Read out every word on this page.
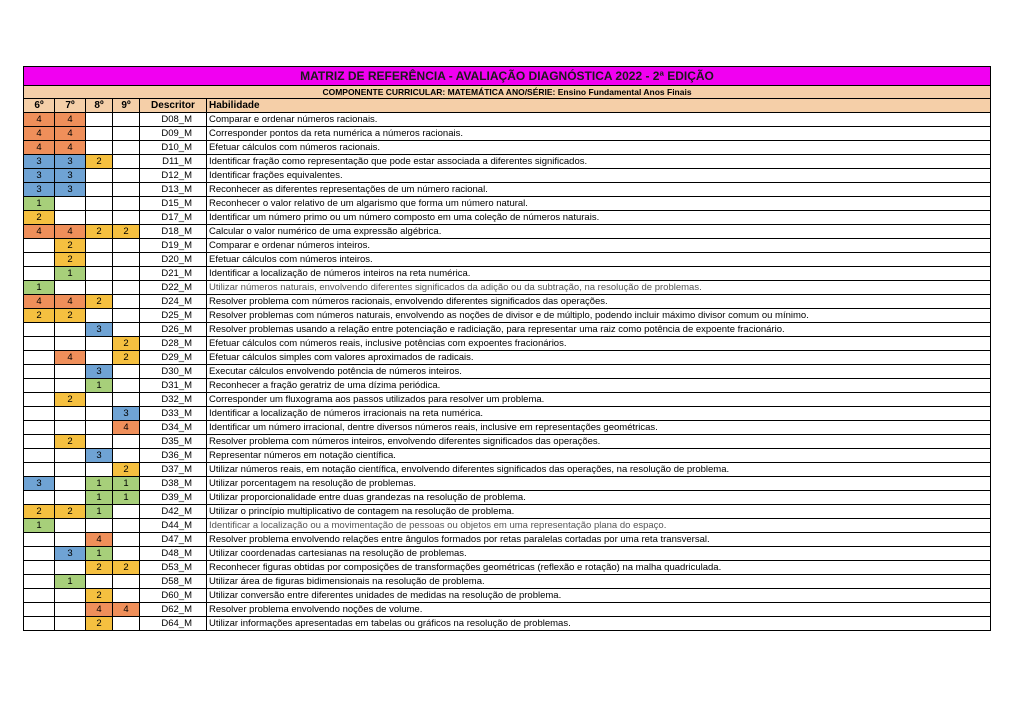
MATRIZ DE REFERÊNCIA - AVALIAÇÃO DIAGNÓSTICA 2022 - 2ª EDIÇÃO					
COMPONENTE CURRICULAR: MATEMÁTICA ANO/SÉRIE: Ensino Fundamental Anos Finais					
6º	7º	8º	9º	Descritor	Habilidade
4	4			D08_M	Comparar e ordenar números racionais.
4	4			D09_M	Corresponder pontos da reta numérica a números racionais.
4	4			D10_M	Efetuar cálculos com números racionais.
3	3	2		D11_M	Identificar fração como representação que pode estar associada a diferentes significados.
3	3			D12_M	Identificar frações equivalentes.
3	3			D13_M	Reconhecer as diferentes representações de um número racional.
1				D15_M	Reconhecer o valor relativo de um algarismo que forma um número natural.
2				D17_M	Identificar um número primo ou um número composto em uma coleção de números naturais.
4	4	2	2	D18_M	Calcular o valor numérico de uma expressão algébrica.
	2			D19_M	Comparar e ordenar números inteiros.
	2			D20_M	Efetuar cálculos com números inteiros.
	1			D21_M	Identificar a localização de números inteiros na reta numérica.
1				D22_M	Utilizar números naturais, envolvendo diferentes significados da adição ou da subtração, na resolução de problemas.
4	4	2		D24_M	Resolver problema com números racionais, envolvendo diferentes significados das operações.
2	2			D25_M	Resolver problemas com números naturais, envolvendo as noções de divisor e de múltiplo, podendo incluir máximo divisor comum ou mínimo.
		3		D26_M	Resolver problemas usando a relação entre potenciação e radiciação, para representar uma raiz como potência de expoente fracionário.
			2	D28_M	Efetuar cálculos com números reais, inclusive potências com expoentes fracionários.
	4		2	D29_M	Efetuar cálculos simples com valores aproximados de radicais.
		3		D30_M	Executar cálculos envolvendo potência de números inteiros.
		1		D31_M	Reconhecer a fração geratriz de uma dízima periódica.
	2			D32_M	Corresponder um fluxograma aos passos utilizados para resolver um problema.
			3	D33_M	Identificar a localização de números irracionais na reta numérica.
			4	D34_M	Identificar um número irracional, dentre diversos números reais, inclusive em representações geométricas.
	2			D35_M	Resolver problema com números inteiros, envolvendo diferentes significados das operações.
		3		D36_M	Representar números em notação científica.
			2	D37_M	Utilizar números reais, em notação científica, envolvendo diferentes significados das operações, na resolução de problema.
3		1	1	D38_M	Utilizar porcentagem na resolução de problemas.
		1	1	D39_M	Utilizar proporcionalidade entre duas grandezas na resolução de problema.
2	2	1		D42_M	Utilizar o princípio multiplicativo de contagem na resolução de problema.
1				D44_M	Identificar a localização ou a movimentação de pessoas ou objetos em uma representação plana do espaço.
		4		D47_M	Resolver problema envolvendo relações entre ângulos formados por retas paralelas cortadas por uma reta transversal.
	3	1		D48_M	Utilizar coordenadas cartesianas na resolução de problemas.
		2	2	D53_M	Reconhecer figuras obtidas por composições de transformações geométricas (reflexão e rotação) na malha quadriculada.
	1			D58_M	Utilizar área de figuras bidimensionais na resolução de problema.
		2		D60_M	Utilizar conversão entre diferentes unidades de medidas na resolução de problema.
		4	4	D62_M	Resolver problema envolvendo noções de volume.
		2		D64_M	Utilizar informações apresentadas em tabelas ou gráficos na resolução de problemas.
